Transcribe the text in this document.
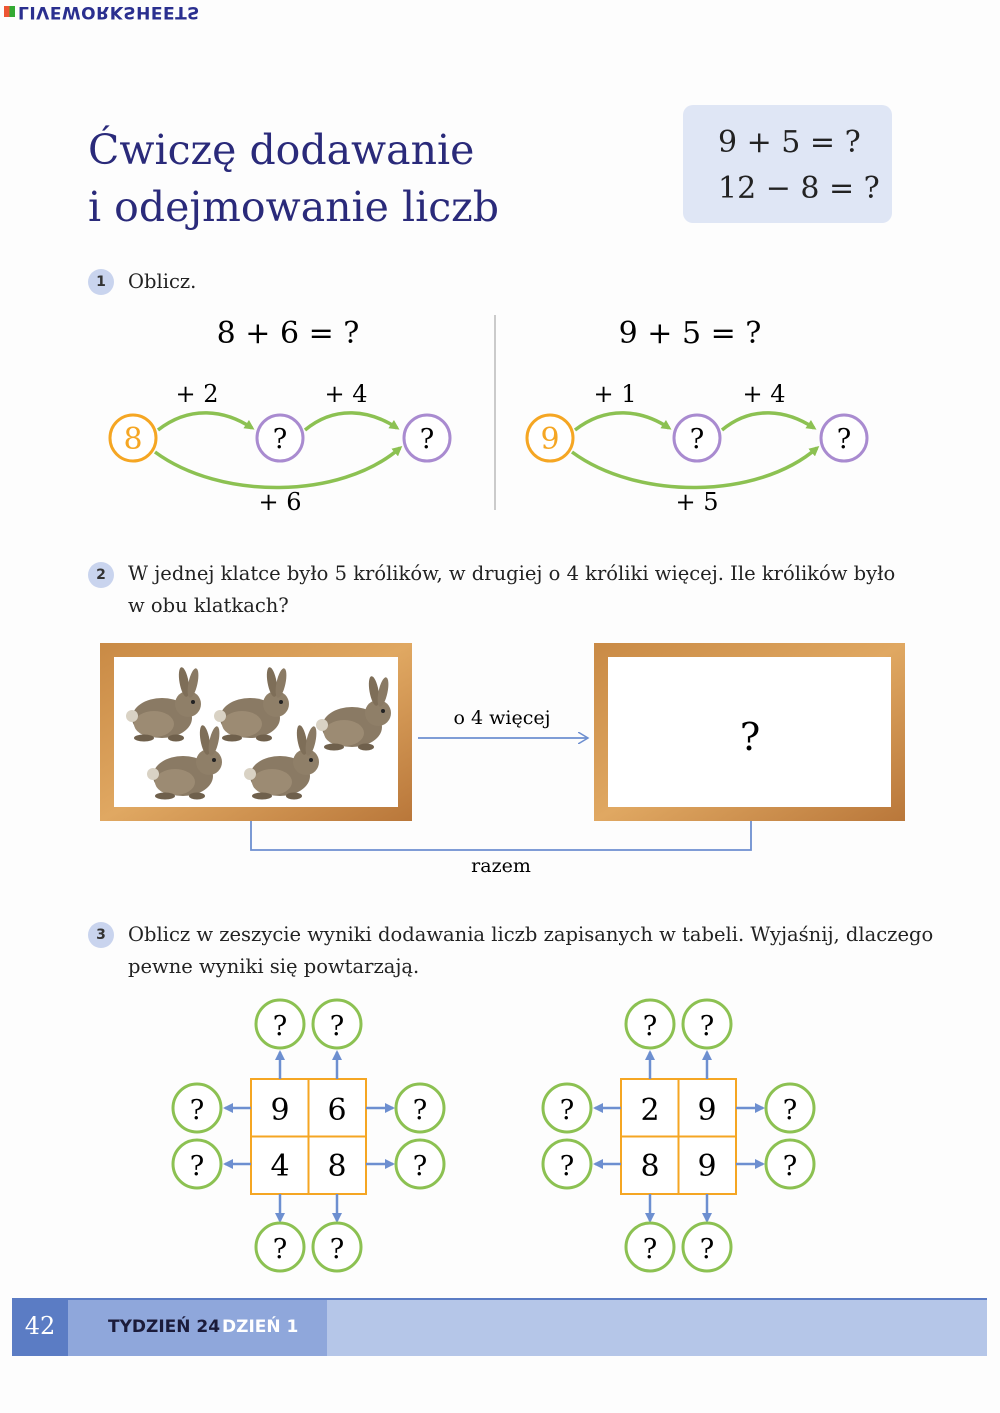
LIVEWORKSHEETS
Ćwiczę dodawanie
i odejmowanie liczb
9 + 5 = ?
12 − 8 = ?
1	Oblicz.
8 + 6 = ?
+ 2	+ 4
+ 6
8	?	?
9 + 5 = ?
+ 1	+ 4
+ 5
9	?	?
2	W jednej klatce było 5 królików, w drugiej o 4 króliki więcej. Ile królików było
w obu klatkach?
o 4 więcej	?
razem
3	Oblicz w zeszycie wyniki dodawania liczb zapisanych w tabeli. Wyjaśnij, dlaczego
pewne wyniki się powtarzają.
9 6
4 8
? ?
?
?
?
?
? ?
2 9
8 9
? ?
?
?
?
?
? ?
42	TYDZIEŃ 24 DZIEŃ 1
